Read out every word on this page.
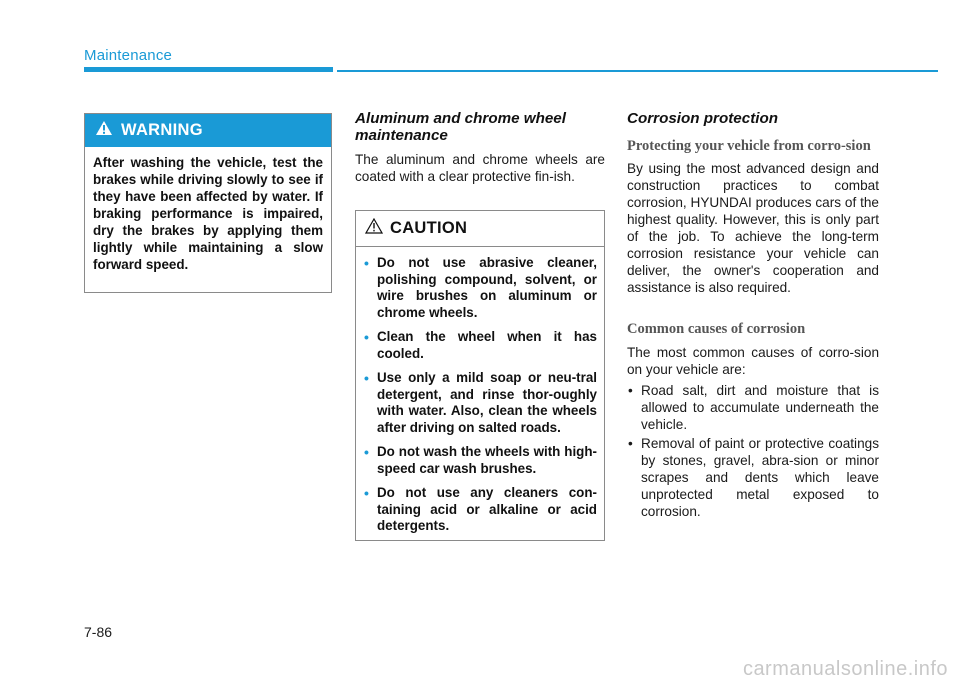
Maintenance
WARNING
After washing the vehicle, test the brakes while driving slowly to see if they have been affected by water. If braking performance is impaired, dry the brakes by applying them lightly while maintaining a slow forward speed.
Aluminum and chrome wheel maintenance

The aluminum and chrome wheels are coated with a clear protective fin-ish.

CAUTION
• Do not use abrasive cleaner, polishing compound, solvent, or wire brushes on aluminum or chrome wheels.
• Clean the wheel when it has cooled.
• Use only a mild soap or neu-tral detergent, and rinse thor-oughly with water. Also, clean the wheels after driving on salted roads.
• Do not wash the wheels with high-speed car wash brushes.
• Do not use any cleaners con-taining acid or alkaline or acid detergents.
Corrosion protection
Protecting your vehicle from corro-sion

By using the most advanced design and construction practices to combat corrosion, HYUNDAI produces cars of the highest quality. However, this is only part of the job. To achieve the long-term corrosion resistance your vehicle can deliver, the owner's cooperation and assistance is also required.

Common causes of corrosion

The most common causes of corro-sion on your vehicle are:

• Road salt, dirt and moisture that is allowed to accumulate underneath the vehicle.
• Removal of paint or protective coatings by stones, gravel, abra-sion or minor scrapes and dents which leave unprotected metal exposed to corrosion.
7-86
carmanualsonline.info
